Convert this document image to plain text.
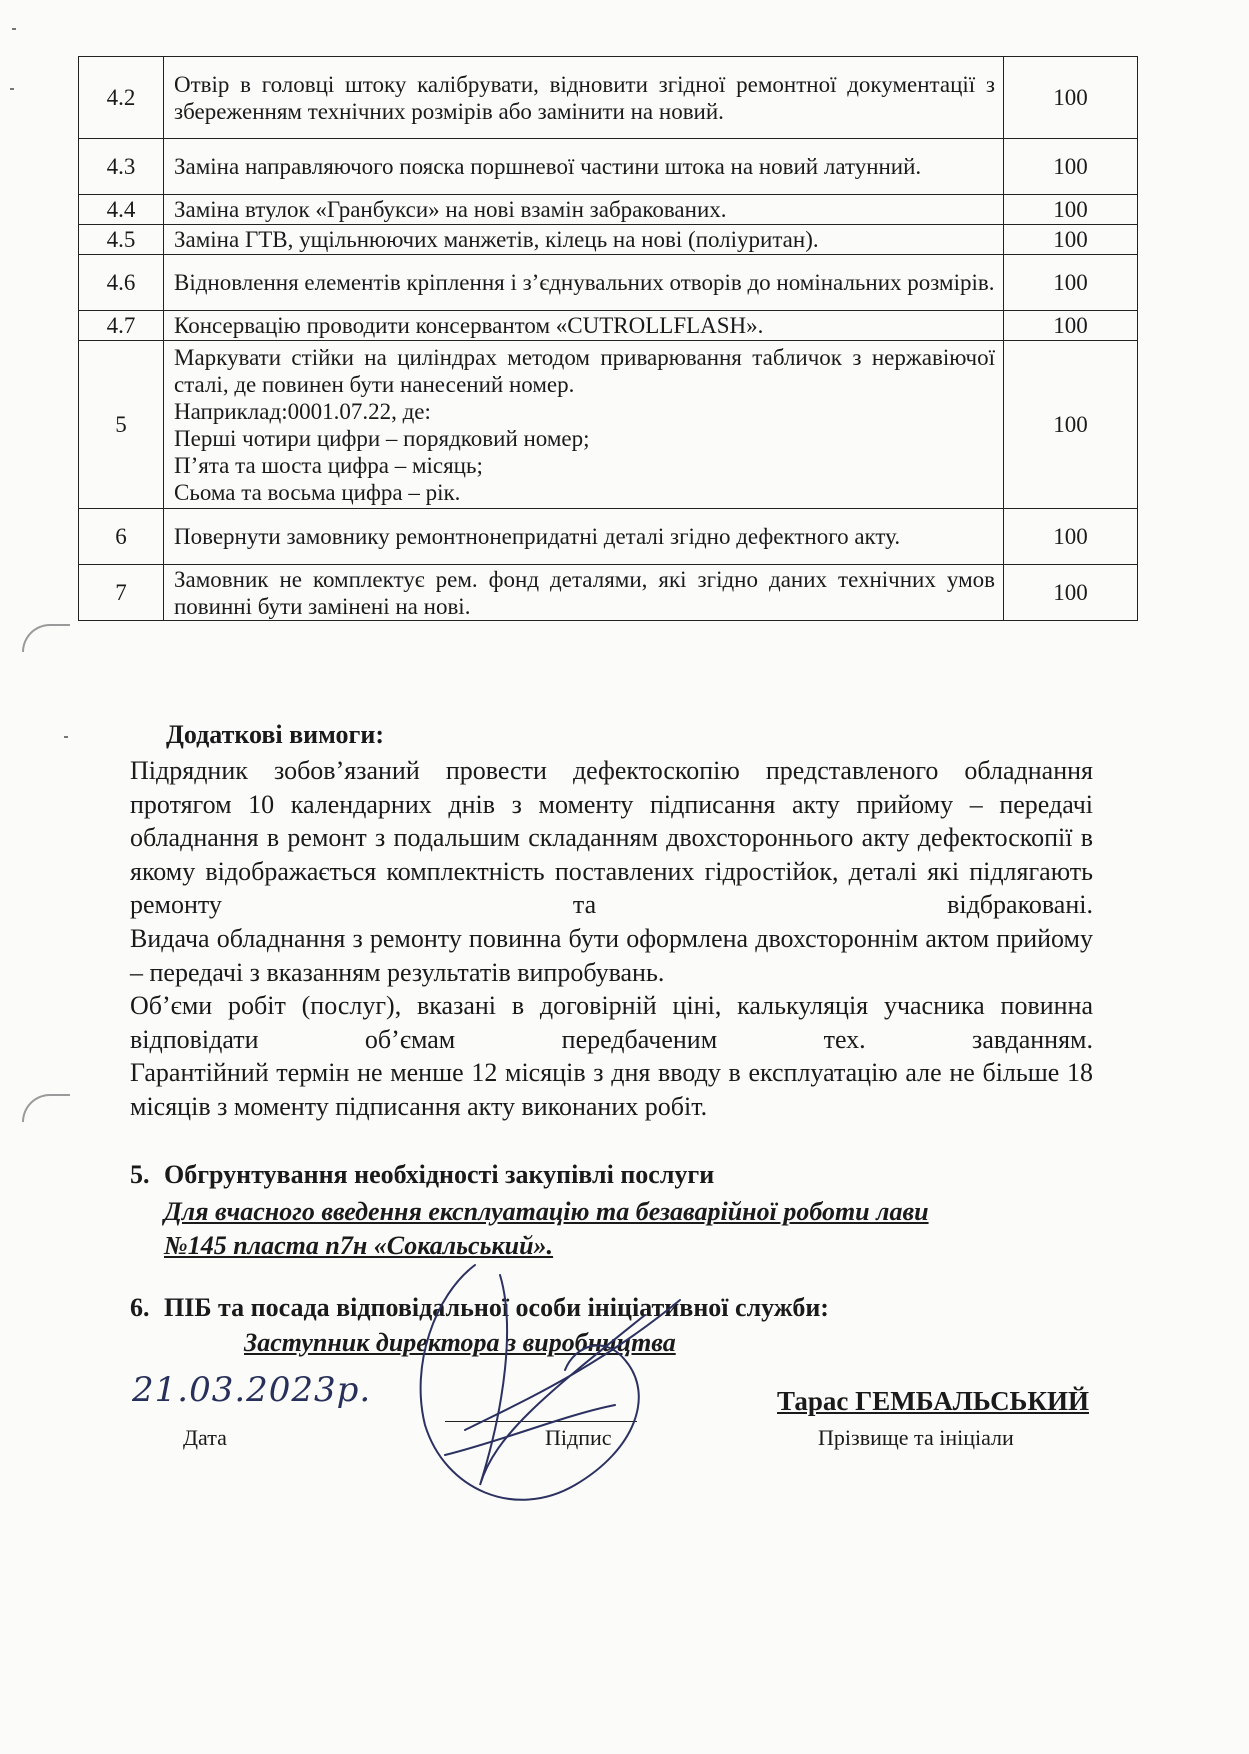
4.2	Отвір в головці штоку калібрувати, відновити згідної ремонтної документації з збереженням технічних розмірів або замінити на новий.	100
4.3	Заміна направляючого пояска поршневої частини штока на новий латунний.	100
4.4	Заміна втулок «Гранбукси» на нові взамін забракованих.	100
4.5	Заміна ГТВ, ущільнюючих манжетів, кілець на нові (поліуритан).	100
4.6	Відновлення елементів кріплення і з’єднувальних отворів до номінальних розмірів.	100
4.7	Консервацію проводити консервантом «CUTROLLFLASH».	100
5	Маркувати стійки на циліндрах методом приварювання табличок з нержавіючої сталі, де повинен бути нанесений номер.
Наприклад:0001.07.22, де:
Перші чотири цифри – порядковий номер;
П’ята та шоста цифра – місяць;
Сьома та восьма цифра – рік.	100
6	Повернути замовнику ремонтнонепридатні деталі згідно дефектного акту.	100
7	Замовник не комплектує рем. фонд деталями, які згідно даних технічних умов повинні бути замінені на нові.	100
Додаткові вимоги:
Підрядник зобов’язаний провести дефектоскопію представленого обладнання протягом 10 календарних днів з моменту підписання акту прийому – передачі обладнання в ремонт з подальшим складанням двохстороннього акту дефектоскопії в якому відображається комплектність поставлених гідростійок, деталі які підлягають ремонту та відбраковані.
Видача обладнання з ремонту повинна бути оформлена двохстороннім актом прийому – передачі з вказанням результатів випробувань.
Об’єми робіт (послуг), вказані в договірній ціні, калькуляція учасника повинна відповідати об’ємам передбаченим тех. завданням.
Гарантійний термін не менше 12 місяців з дня вводу в експлуатацію але не більше 18 місяців з моменту підписання акту виконаних робіт.
5. Обгрунтування необхідності закупівлі послуги
Для вчасного введення експлуатацію та безаварійної роботи лави
№145 пласта п7н «Сокальський».
6. ПІБ та посада відповідальної особи ініціативної служби:
Заступник директора з виробництва
21.03.2023р.
Дата	Підпис
Тарас ГЕМБАЛЬСЬКИЙ
Прізвище та ініціали
